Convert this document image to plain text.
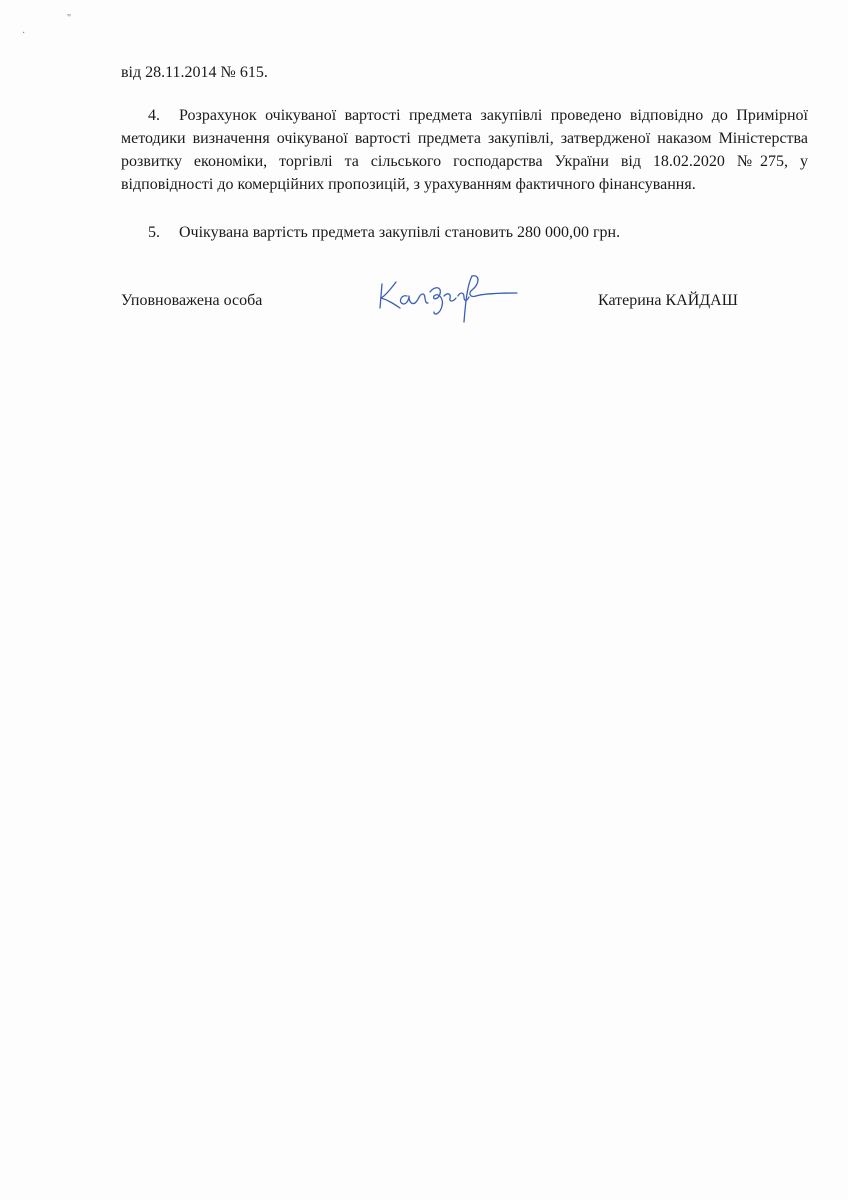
"
·
від 28.11.2014 № 615.
4. Розрахунок очікуваної вартості предмета закупівлі проведено відповідно до Примірної методики визначення очікуваної вартості предмета закупівлі, затвердженої наказом Міністерства розвитку економіки, торгівлі та сільського господарства України від 18.02.2020 №275, у відповідності до комерційних пропозицій, з урахуванням фактичного фінансування.
5. Очікувана вартість предмета закупівлі становить 280 000,00 грн.
Уповноважена особа	Катерина КАЙДАШ
